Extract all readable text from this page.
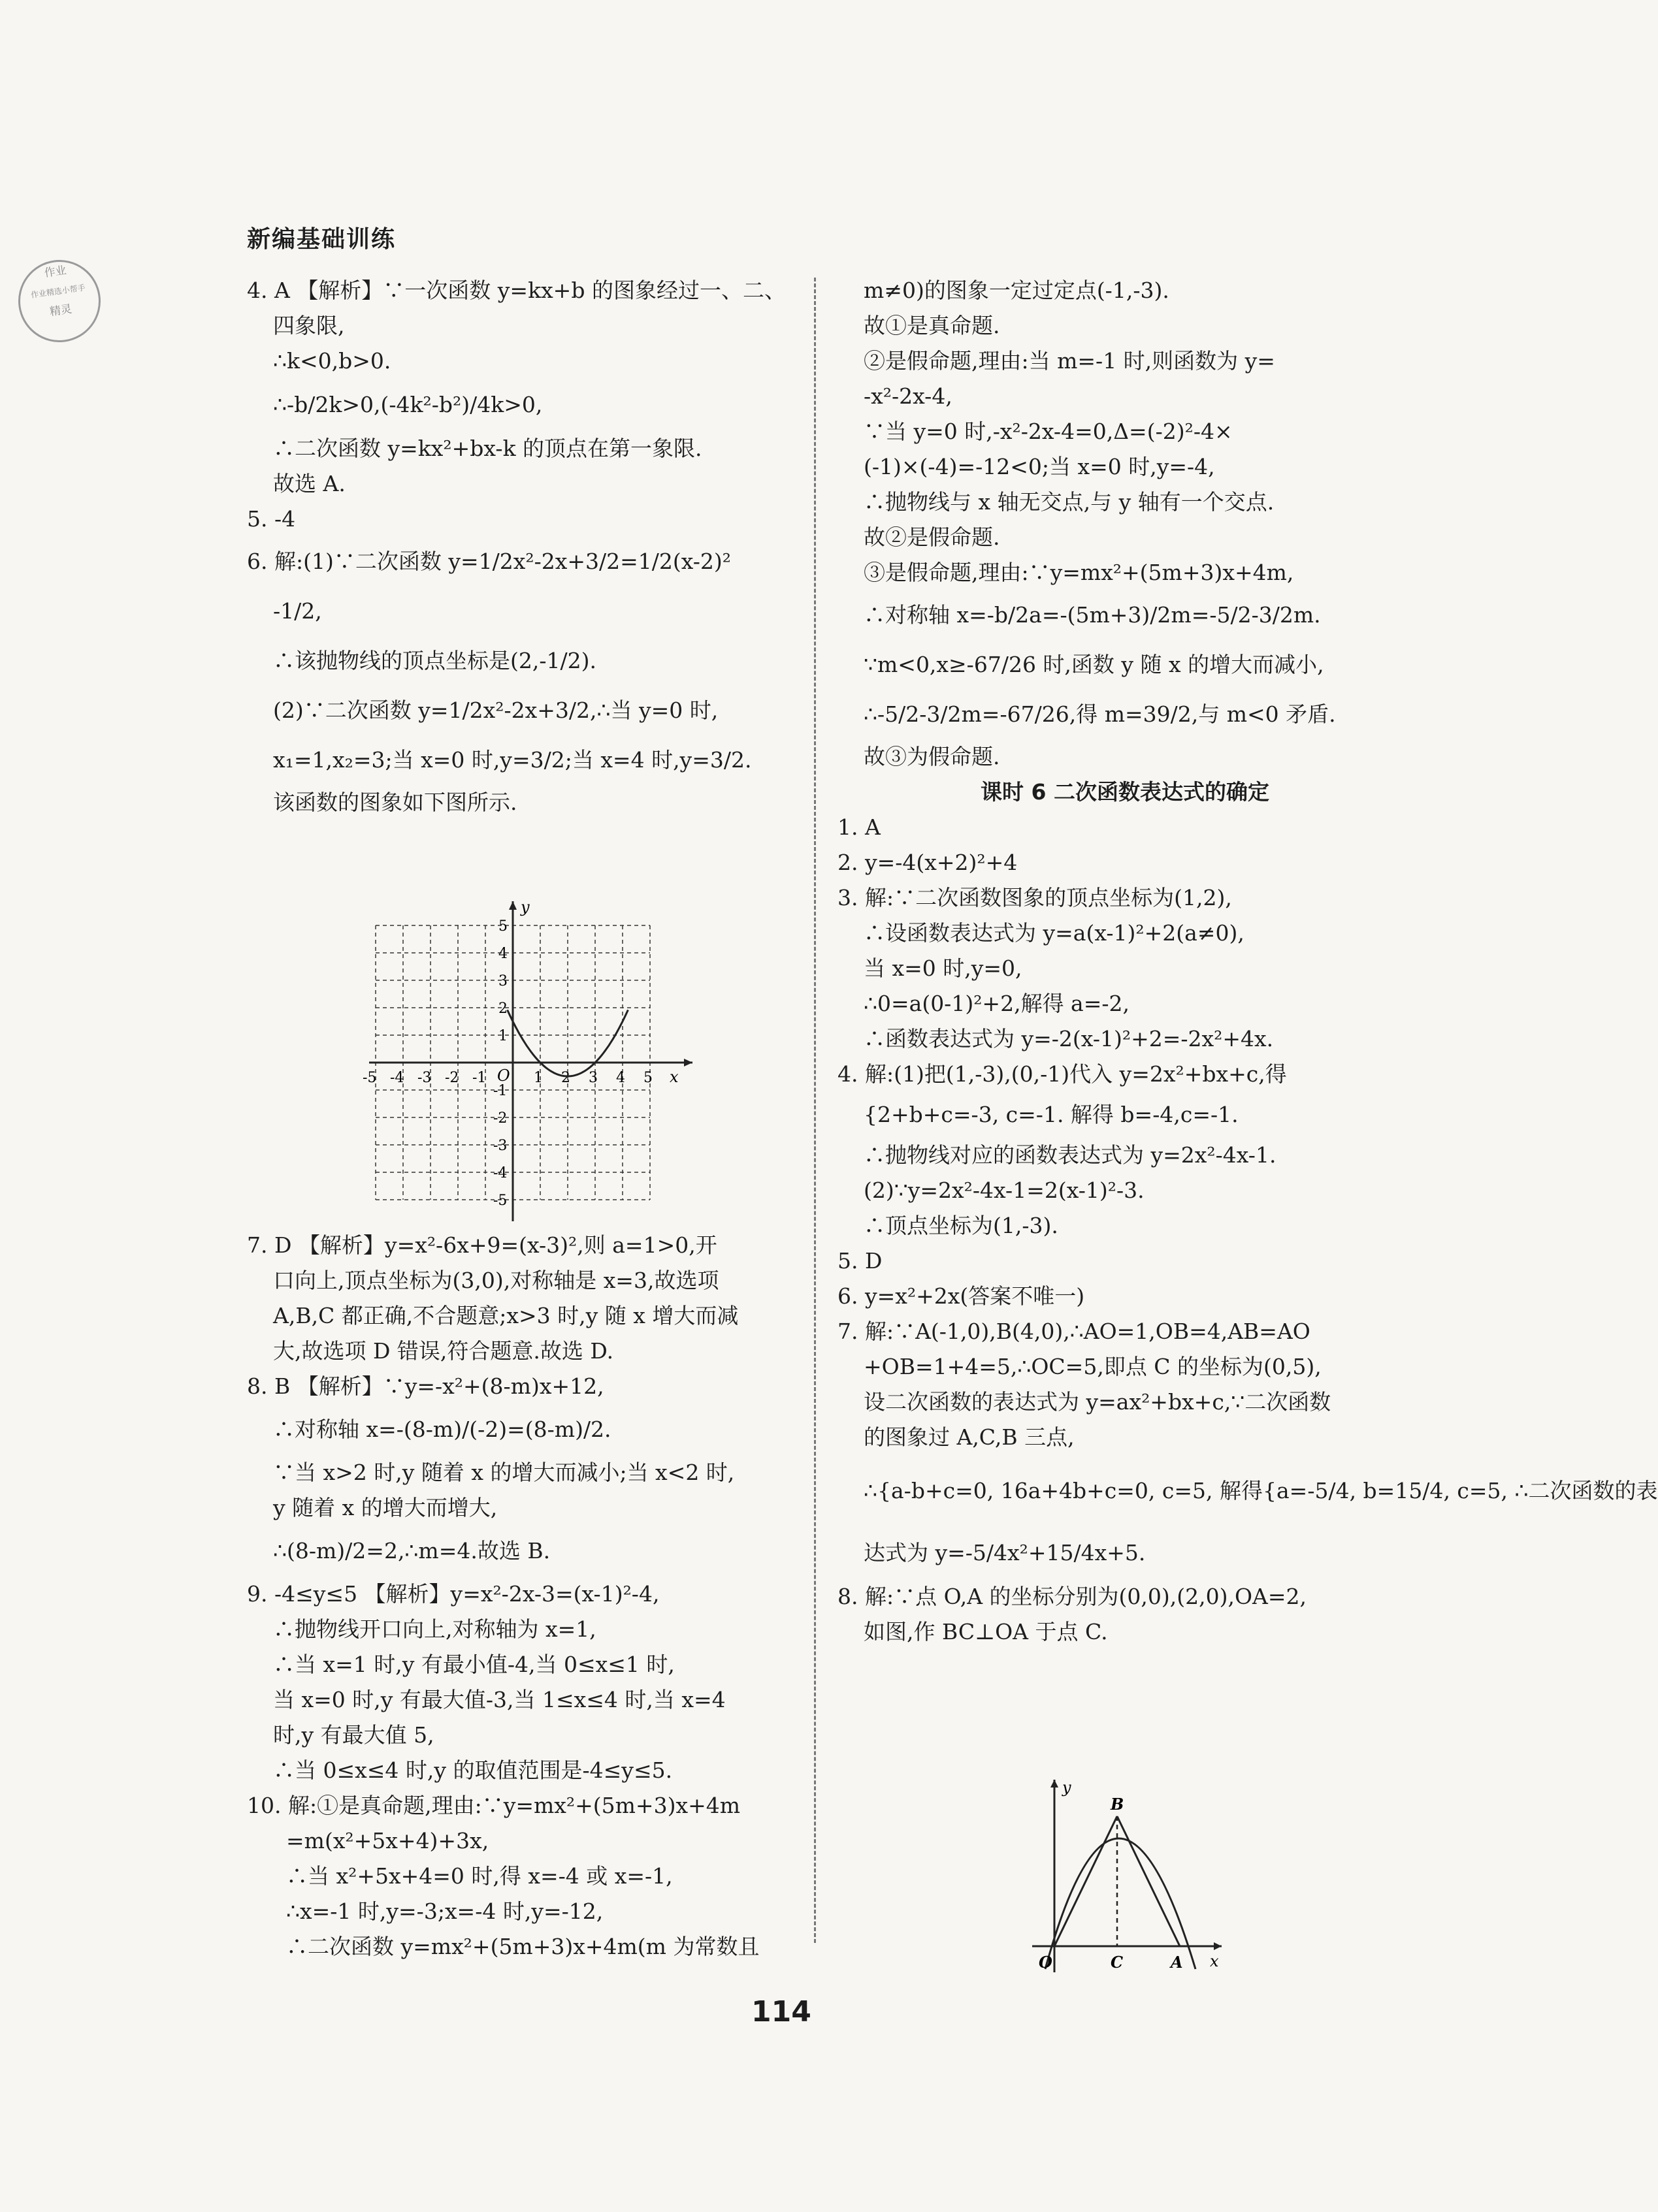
新编基础训练
作业
作业精选小帮手
精灵

4. A 【解析】∵一次函数 y=kx+b 的图象经过一、二、

四象限,

∴k<0,b>0.

∴-b/2k>0,(-4k²-b²)/4k>0,

∴二次函数 y=kx²+bx-k 的顶点在第一象限.

故选 A.

5. -4

6. 解:(1)∵二次函数 y=1/2x²-2x+3/2=1/2(x-2)²

-1/2,

∴该抛物线的顶点坐标是(2,-1/2).

(2)∵二次函数 y=1/2x²-2x+3/2,∴当 y=0 时,

x₁=1,x₂=3;当 x=0 时,y=3/2;当 x=4 时,y=3/2.

该函数的图象如下图所示.

x
y
O
-5 -4 -3 -2 -1	1 2 3 4 5
5
4
3
2
1
-1
-2
-3
-4
-5

7. D 【解析】y=x²-6x+9=(x-3)²,则 a=1>0,开

口向上,顶点坐标为(3,0),对称轴是 x=3,故选项

A,B,C 都正确,不合题意;x>3 时,y 随 x 增大而减

大,故选项 D 错误,符合题意.故选 D.

8. B 【解析】∵y=-x²+(8-m)x+12,

∴对称轴 x=-(8-m)/(-2)=(8-m)/2.

∵当 x>2 时,y 随着 x 的增大而减小;当 x<2 时,

y 随着 x 的增大而增大,

∴(8-m)/2=2,∴m=4.故选 B.

9. -4≤y≤5 【解析】y=x²-2x-3=(x-1)²-4,

∴抛物线开口向上,对称轴为 x=1,

∴当 x=1 时,y 有最小值-4,当 0≤x≤1 时,

当 x=0 时,y 有最大值-3,当 1≤x≤4 时,当 x=4

时,y 有最大值 5,

∴当 0≤x≤4 时,y 的取值范围是-4≤y≤5.

10. 解:①是真命题,理由:∵y=mx²+(5m+3)x+4m

=m(x²+5x+4)+3x,

∴当 x²+5x+4=0 时,得 x=-4 或 x=-1,

∴x=-1 时,y=-3;x=-4 时,y=-12,

∴二次函数 y=mx²+(5m+3)x+4m(m 为常数且

m≠0)的图象一定过定点(-1,-3).

故①是真命题.

②是假命题,理由:当 m=-1 时,则函数为 y=

-x²-2x-4,

∵当 y=0 时,-x²-2x-4=0,Δ=(-2)²-4×

(-1)×(-4)=-12<0;当 x=0 时,y=-4,

∴抛物线与 x 轴无交点,与 y 轴有一个交点.

故②是假命题.

③是假命题,理由:∵y=mx²+(5m+3)x+4m,

∴对称轴 x=-b/2a=-(5m+3)/2m=-5/2-3/2m.

∵m<0,x≥-67/26 时,函数 y 随 x 的增大而减小,

∴-5/2-3/2m=-67/26,得 m=39/2,与 m<0 矛盾.

故③为假命题.

课时 6 二次函数表达式的确定

1. A

2. y=-4(x+2)²+4

3. 解:∵二次函数图象的顶点坐标为(1,2),

∴设函数表达式为 y=a(x-1)²+2(a≠0),

当 x=0 时,y=0,

∴0=a(0-1)²+2,解得 a=-2,

∴函数表达式为 y=-2(x-1)²+2=-2x²+4x.

4. 解:(1)把(1,-3),(0,-1)代入 y=2x²+bx+c,得

{2+b+c=-3, c=-1. 解得 b=-4,c=-1.

∴抛物线对应的函数表达式为 y=2x²-4x-1.

(2)∵y=2x²-4x-1=2(x-1)²-3.

∴顶点坐标为(1,-3).

5. D

6. y=x²+2x(答案不唯一)

7. 解:∵A(-1,0),B(4,0),∴AO=1,OB=4,AB=AO

+OB=1+4=5,∴OC=5,即点 C 的坐标为(0,5),

设二次函数的表达式为 y=ax²+bx+c,∵二次函数

的图象过 A,C,B 三点,

∴{a-b+c=0, 16a+4b+c=0, c=5, 解得{a=-5/4, b=15/4, c=5, ∴二次函数的表

达式为 y=-5/4x²+15/4x+5.

8. 解:∵点 O,A 的坐标分别为(0,0),(2,0),OA=2,

如图,作 BC⊥OA 于点 C.

x
y
O	C	A
B
114
